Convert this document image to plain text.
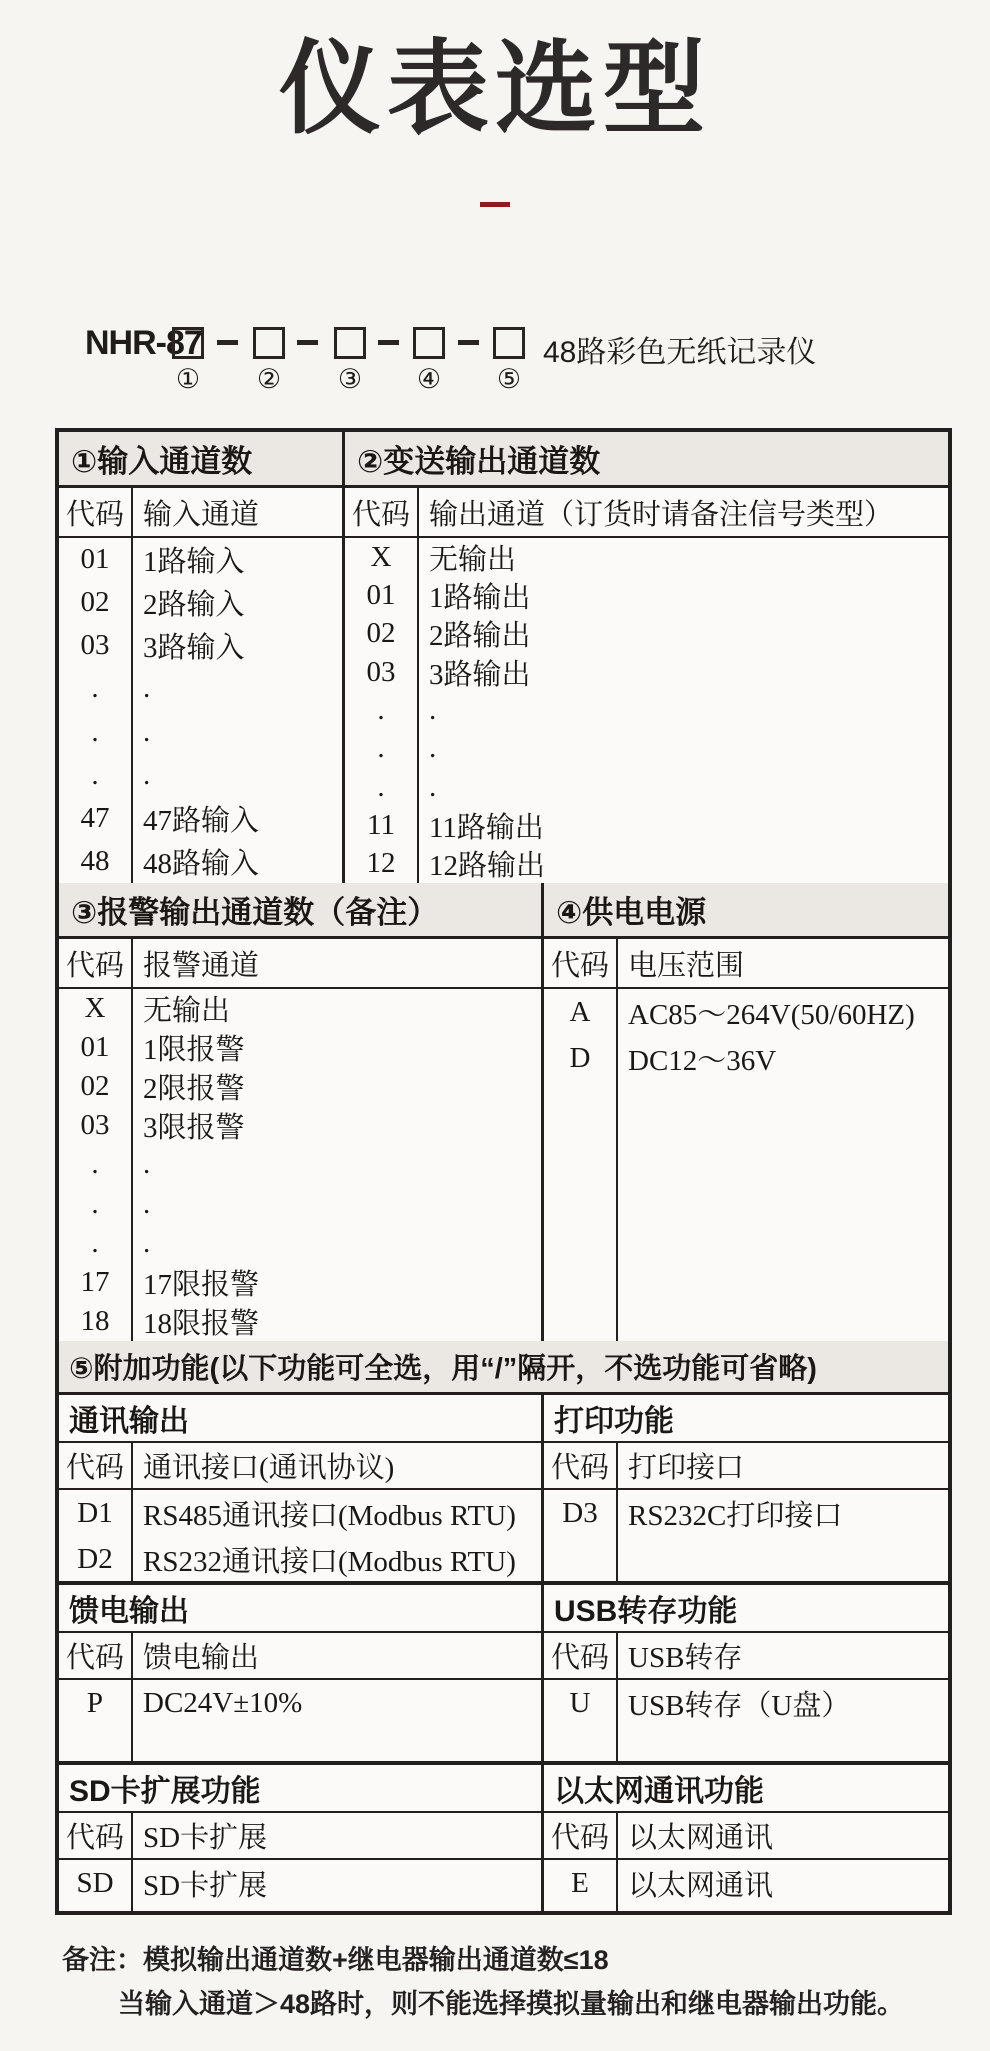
仪表选型
NHR-87	48路彩色无纸记录仪
① ② ③ ④ ⑤
①输入通道数	②变送输出通道数
代码 输入通道
01	1路输入
02	2路输入
03	3路输入
.	.
.	.
.	.
47	47路输入
48	48路输入
代码 输出通道（订货时请备注信号类型）
X	无输出
01	1路输出
02	2路输出
03	3路输出
.	.
.	.
.	.
11	11路输出
12	12路输出
③报警输出通道数（备注）	④供电电源
代码 报警通道
X	无输出
01	1限报警
02	2限报警
03	3限报警
.	.
.	.
.	.
17	17限报警
18	18限报警
代码 电压范围
A	AC85～264V(50/60HZ)
D	DC12～36V
⑤附加功能(以下功能可全选，用“/”隔开，不选功能可省略)
通讯输出
代码 通讯接口(通讯协议)
D1	RS485通讯接口(Modbus RTU)
D2	RS232通讯接口(Modbus RTU)
打印功能
代码 打印接口
D3	RS232C打印接口
馈电输出
代码 馈电输出
P	DC24V±10%
USB转存功能
代码 USB转存
U	USB转存（U盘）
SD卡扩展功能
代码 SD卡扩展
SD	SD卡扩展
以太网通讯功能
代码 以太网通讯
E	以太网通讯
备注：模拟输出通道数+继电器输出通道数≤18
当输入通道＞48路时，则不能选择摸拟量输出和继电器输出功能。
